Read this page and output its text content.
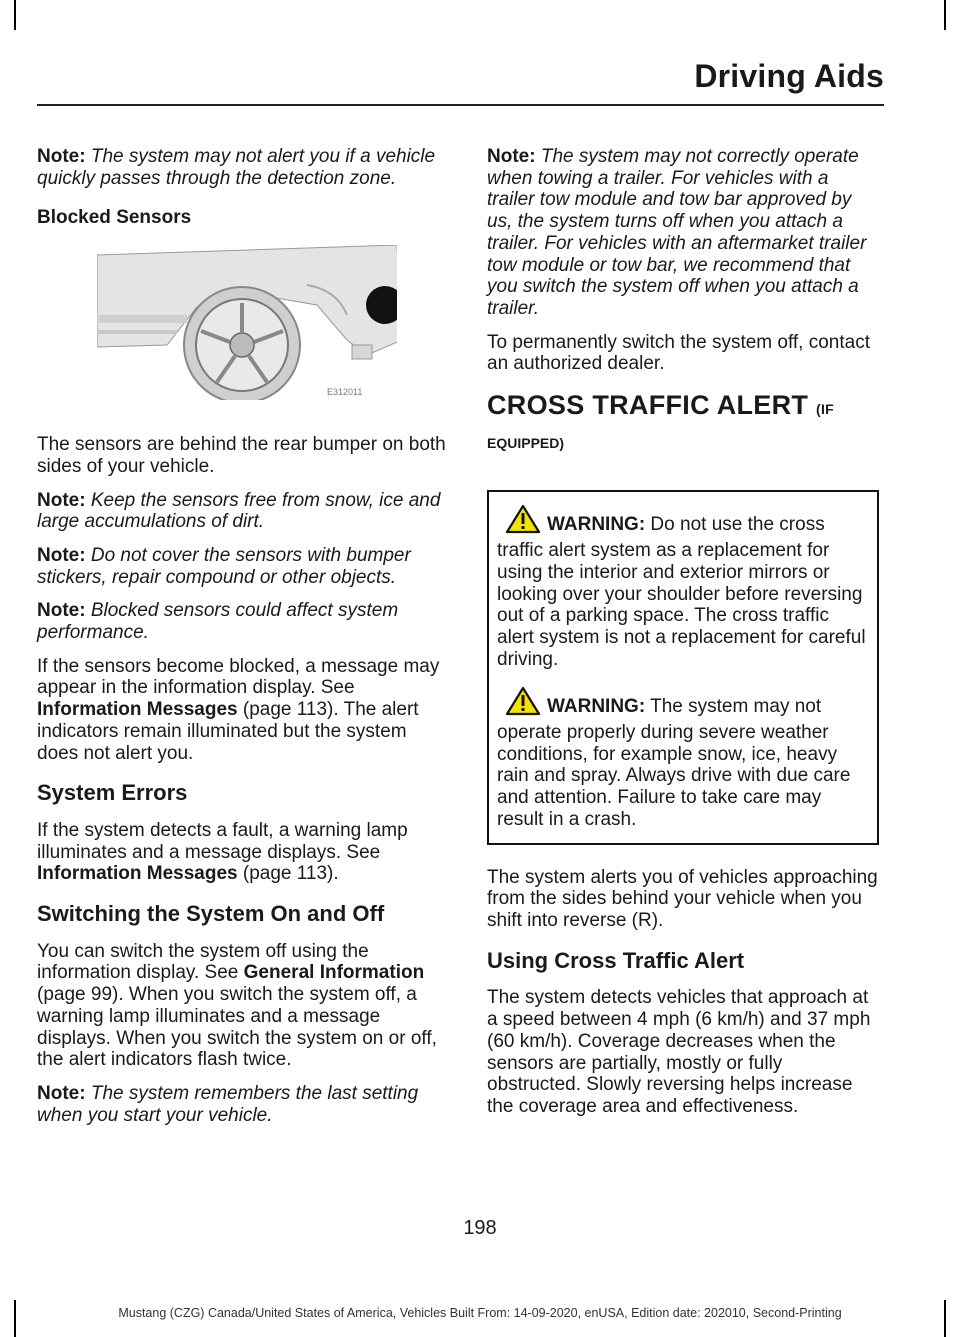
Driving Aids

Note: The system may not alert you if a vehicle quickly passes through the detection zone.

Blocked Sensors
E312011

The sensors are behind the rear bumper on both sides of your vehicle.

Note: Keep the sensors free from snow, ice and large accumulations of dirt.

Note: Do not cover the sensors with bumper stickers, repair compound or other objects.

Note: Blocked sensors could affect system performance.

If the sensors become blocked, a message may appear in the information display. See Information Messages (page 113). The alert indicators remain illuminated but the system does not alert you.

System Errors

If the system detects a fault, a warning lamp illuminates and a message displays. See Information Messages (page 113).

Switching the System On and Off

You can switch the system off using the information display. See General Information (page 99). When you switch the system off, a warning lamp illuminates and a message displays. When you switch the system on or off, the alert indicators flash twice.

Note: The system remembers the last setting when you start your vehicle.

Note: The system may not correctly operate when towing a trailer. For vehicles with a trailer tow module and tow bar approved by us, the system turns off when you attach a trailer. For vehicles with an aftermarket trailer tow module or tow bar, we recommend that you switch the system off when you attach a trailer.

To permanently switch the system off, contact an authorized dealer.

CROSS TRAFFIC ALERT (IF
EQUIPPED)

WARNING: Do not use the cross traffic alert system as a replacement for using the interior and exterior mirrors or looking over your shoulder before reversing out of a parking space. The cross traffic alert system is not a replacement for careful driving.

WARNING: The system may not operate properly during severe weather conditions, for example snow, ice, heavy rain and spray. Always drive with due care and attention. Failure to take care may result in a crash.

The system alerts you of vehicles approaching from the sides behind your vehicle when you shift into reverse (R).

Using Cross Traffic Alert

The system detects vehicles that approach at a speed between 4 mph (6 km/h) and 37 mph (60 km/h). Coverage decreases when the sensors are partially, mostly or fully obstructed. Slowly reversing helps increase the coverage area and effectiveness.

198
Mustang (CZG) Canada/United States of America, Vehicles Built From: 14-09-2020, enUSA, Edition date: 202010, Second-Printing
